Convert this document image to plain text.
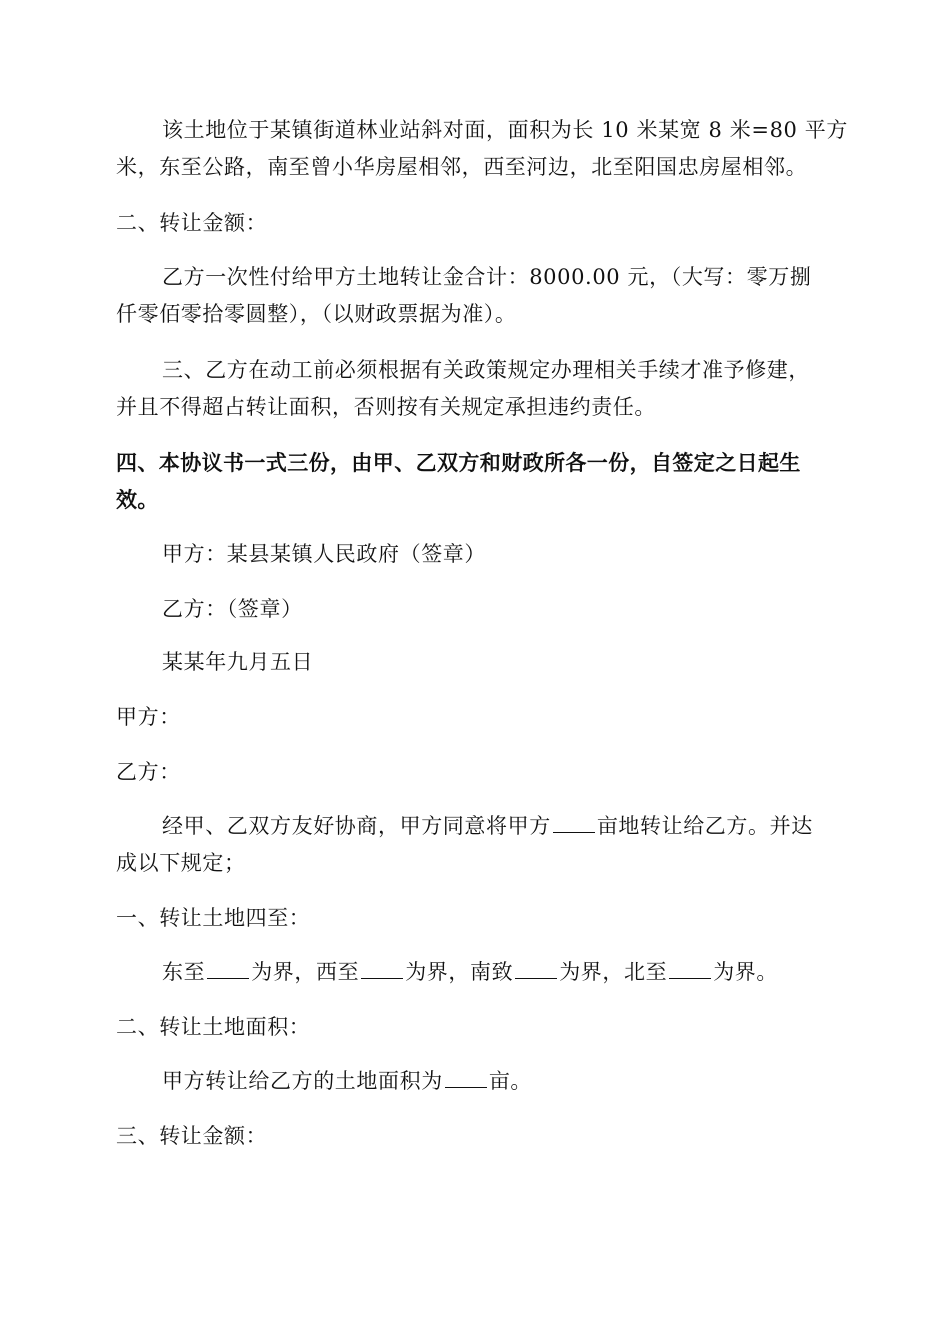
该土地位于某镇街道林业站斜对面，面积为长 10 米某宽 8 米=80 平方
米，东至公路，南至曾小华房屋相邻，西至河边，北至阳国忠房屋相邻。
二、转让金额：
乙方一次性付给甲方土地转让金合计：8000.00 元，（大写：零万捌
仟零佰零拾零圆整），（以财政票据为准）。
三、乙方在动工前必须根据有关政策规定办理相关手续才准予修建，
并且不得超占转让面积，否则按有关规定承担违约责任。
四、本协议书一式三份，由甲、乙双方和财政所各一份，自签定之日起生
效。
甲方：某县某镇人民政府（签章）
乙方：（签章）
某某年九月五日
甲方：
乙方：
经甲、乙双方友好协商，甲方同意将甲方 亩地转让给乙方。并达
成以下规定；
一、转让土地四至：
东至 为界，西至 为界，南致 为界，北至 为界。
二、转让土地面积：
甲方转让给乙方的土地面积为 亩。
三、转让金额：
